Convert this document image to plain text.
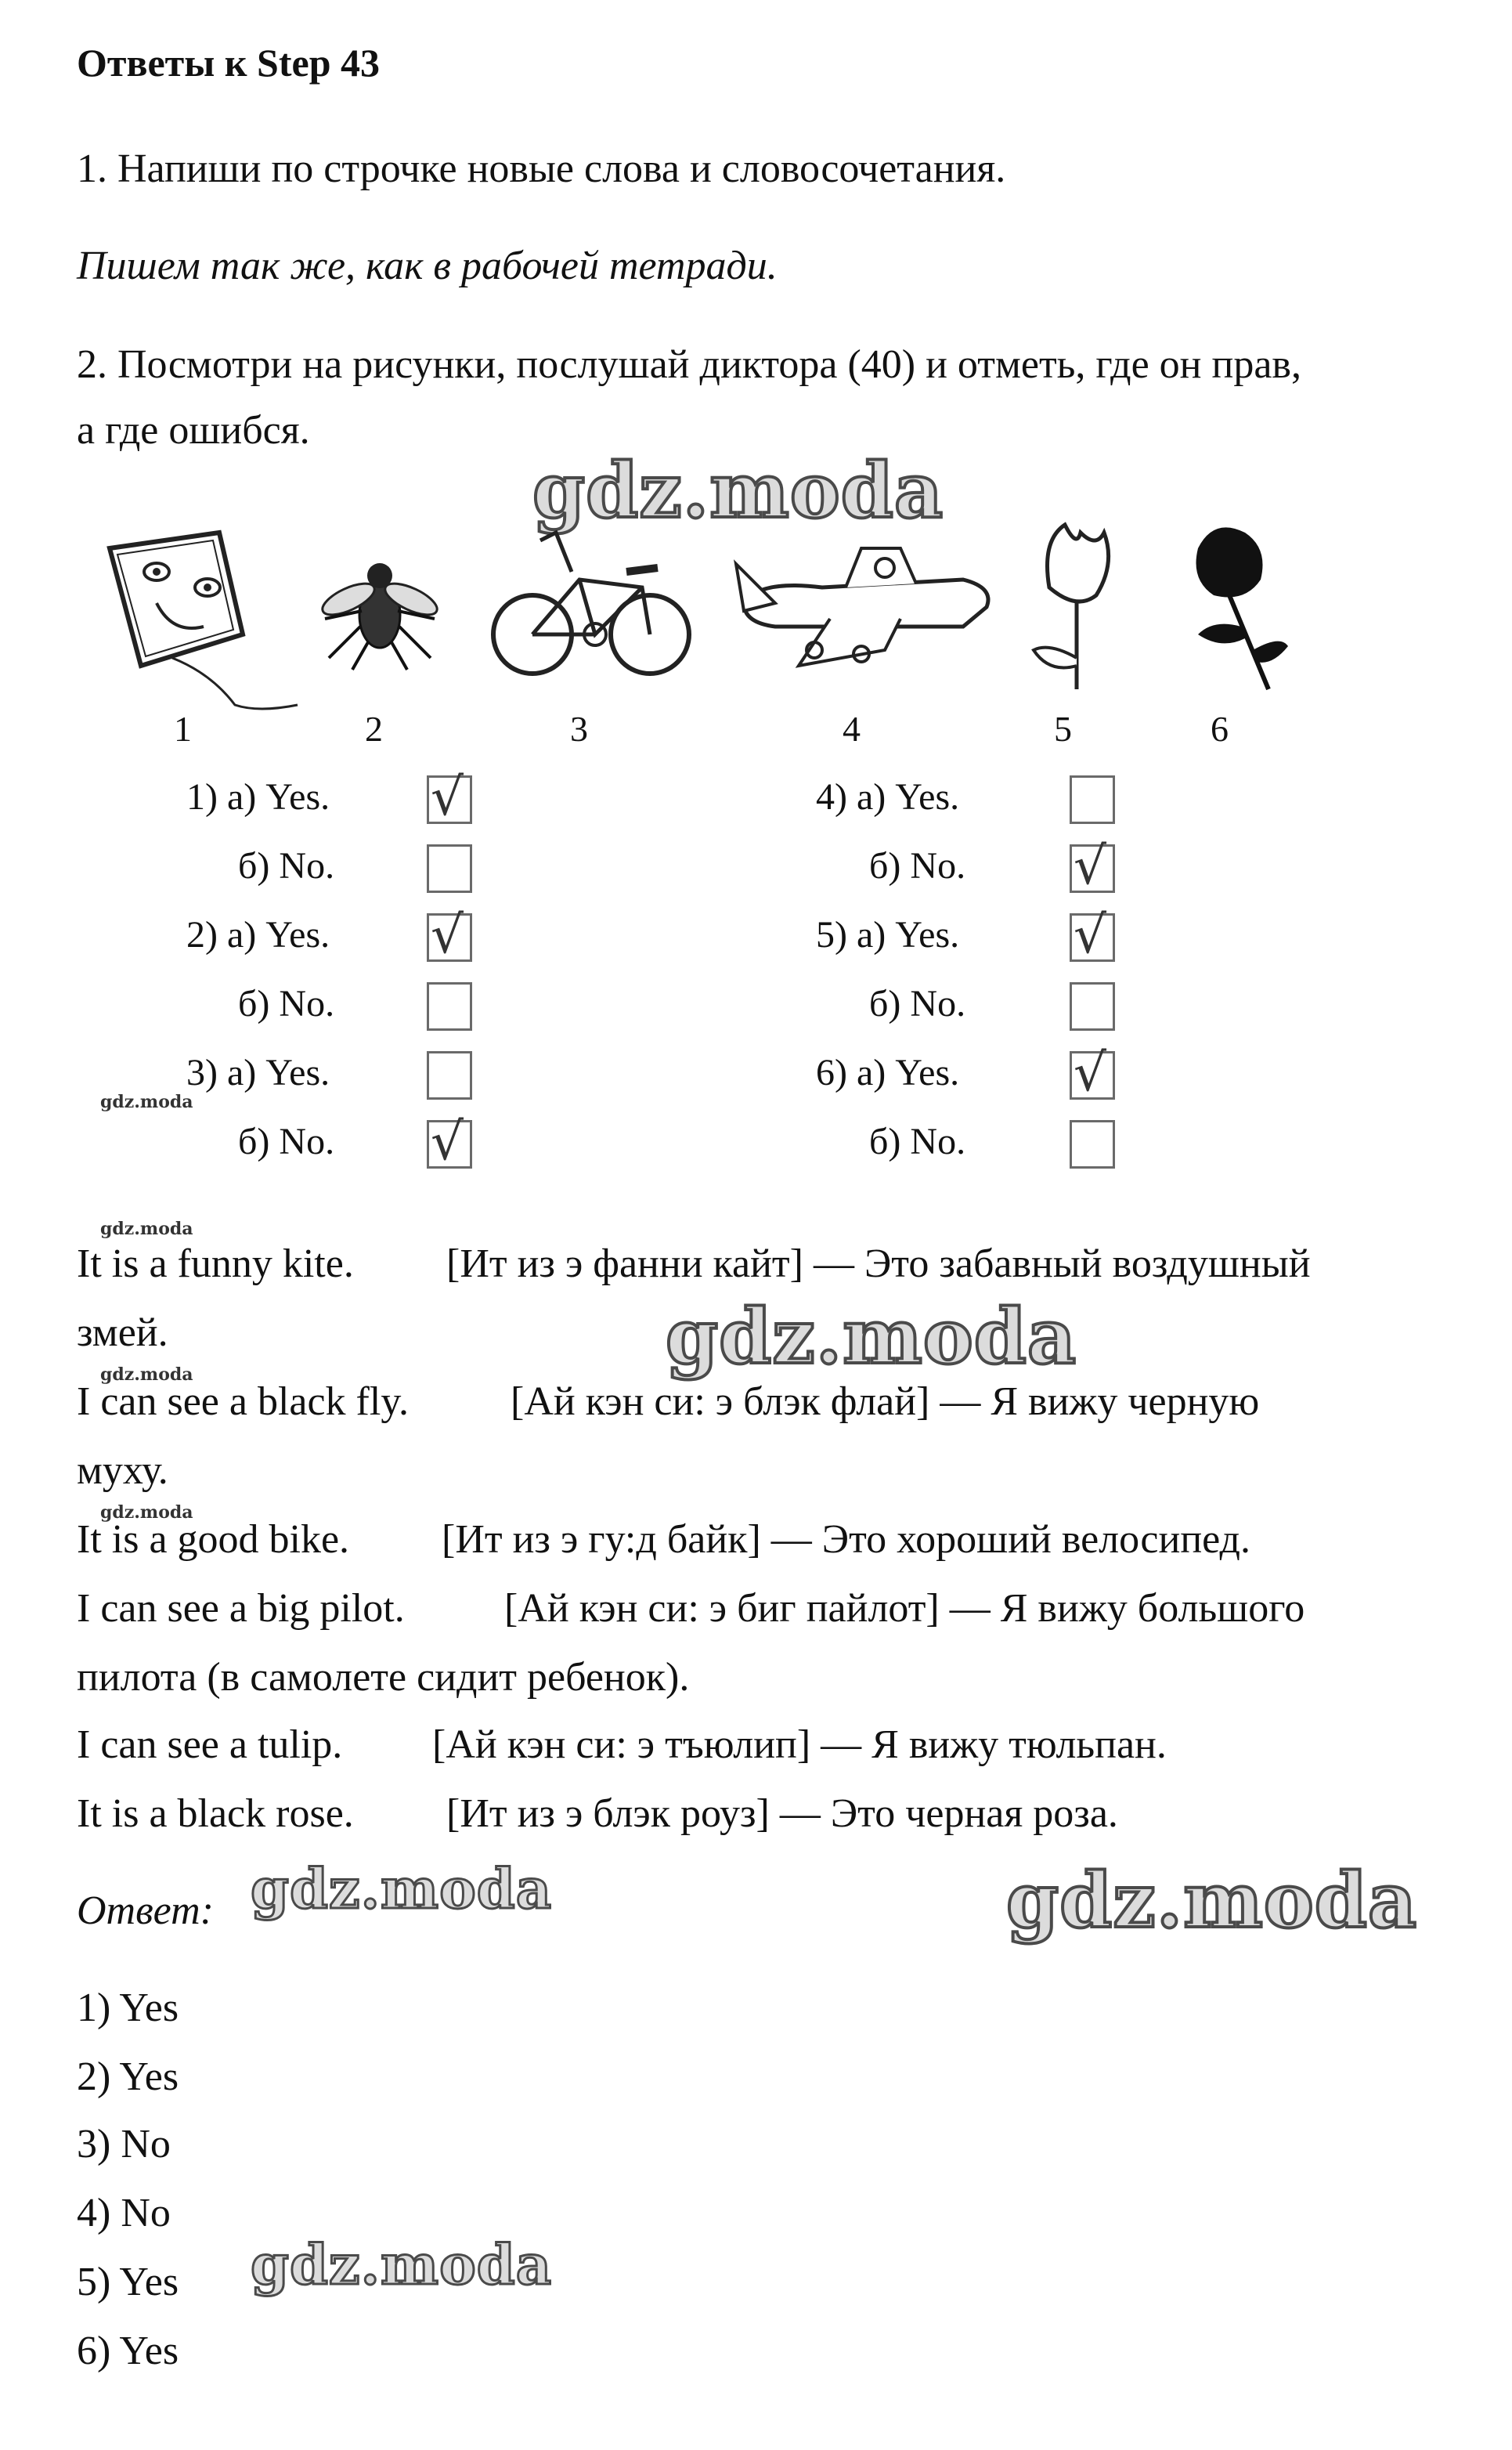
Ответы к Step 43
1. Напиши по строчке новые слова и словосочетания.
Пишем так же, как в рабочей тетради.
2. Посмотри на рисунки, послушай диктора (40) и отметь, где он прав,
а где ошибся.
gdz.moda
gdz.moda
gdz.moda	gdz.moda
gdz.moda
gdz.moda
gdz.moda
gdz.moda
gdz.moda
1	2	3	4	5	6
1) а) Yes. √
б) No.
2) а) Yes. √
б) No.
3) а) Yes.
б) No. √
4) а) Yes.
б) No. √
5) а) Yes. √
б) No.
6) а) Yes. √
б) No.
It is a funny kite. [Ит из э фанни кайт] — Это забавный воздушный
змей.
I can see a black fly.	[Ай кэн си: э блэк флай] — Я вижу черную
муху.
It is a good bike. [Ит из э гу:д байк] — Это хороший велосипед.
I can see a big pilot. [Ай кэн си: э биг пайлот] — Я вижу большого
пилота (в самолете сидит ребенок).
I can see a tulip. [Ай кэн си: э тъюлип] — Я вижу тюльпан.
It is a black rose. [Ит из э блэк роуз] — Это черная роза.
Ответ:
1) Yes
2) Yes
3) No
4) No
5) Yes
6) Yes
